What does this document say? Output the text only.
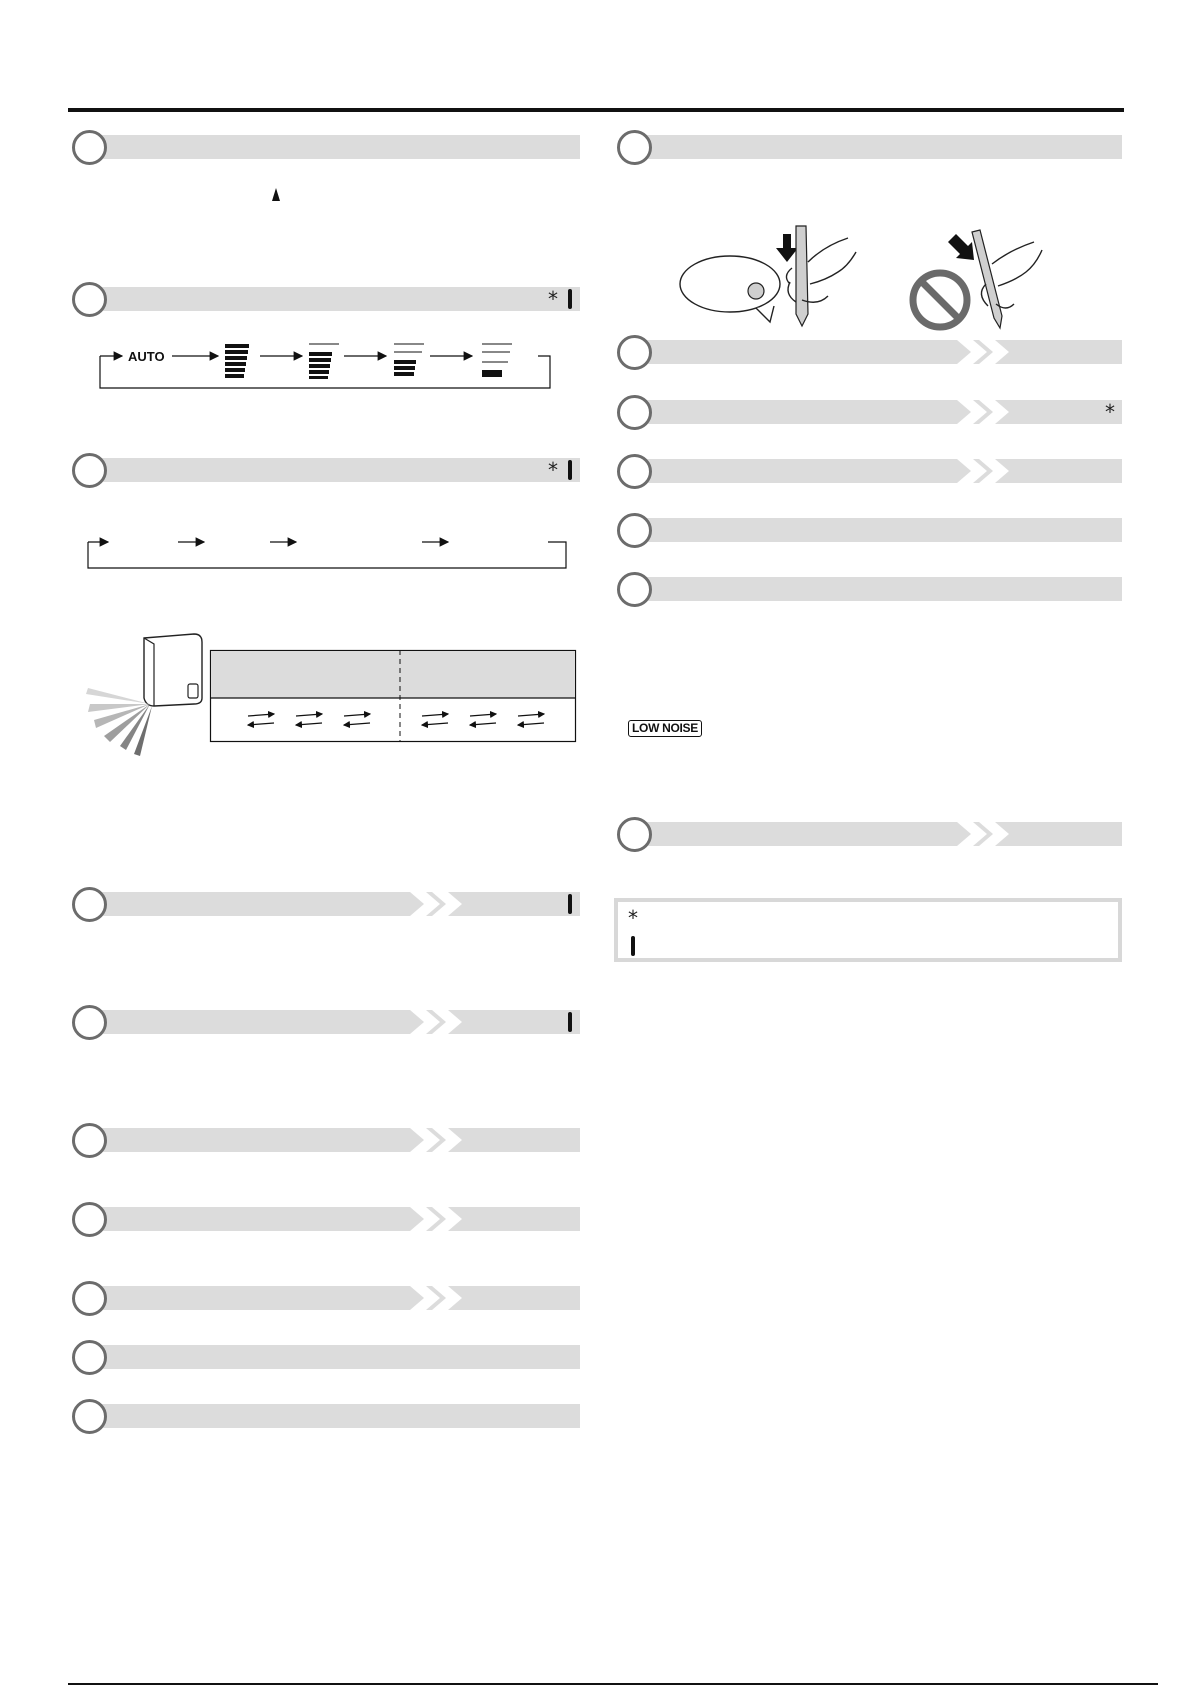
*
*
*
AUTO
LOW NOISE
*
